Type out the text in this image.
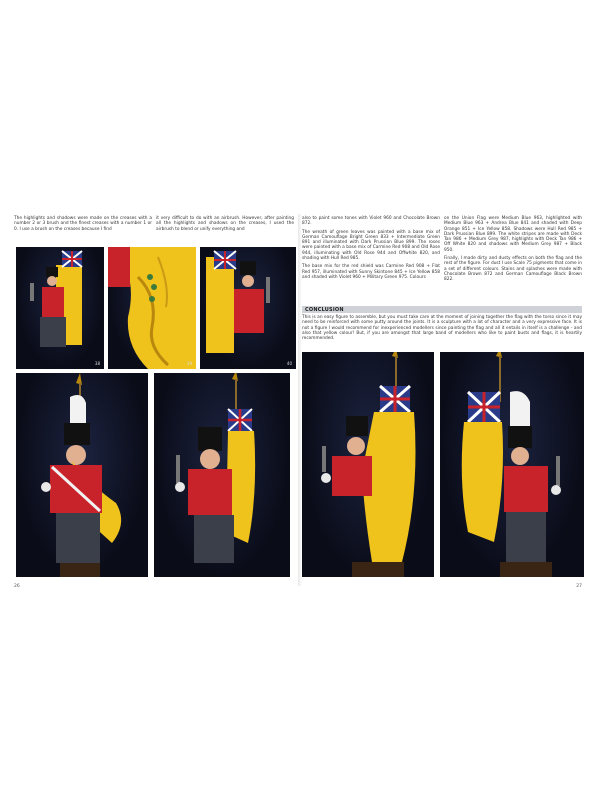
The highlights and shadows were made on the creases with a number 2 or 3 brush and the finest creases with a number 1 or 0. I use a brush on the creases because I find

it very difficult to do with an airbrush. However, after painting all the highlights and shadows on the creases, I used the airbrush to blend or unify everything and

38	39	40
26

also to paint some tones with Violet 960 and Chocolate Brown 872.

The wreath of green leaves was painted with a base mix of German Camouflage Bright Green 833 + Intermediate Green 891 and illuminated with Dark Prussian Blue 899. The roses were painted with a base mix of Carmine Red 908 and Old Rose 944, illuminating with Old Rose 944 and Offwhite 820, and shading with Hull Red 985.

The base mix for the red shield was Carmine Red 908 + Flat Red 957, illuminated with Sunny Skintone 845 + Ice Yellow 858 and shaded with Violet 960 + Military Green 975. Colours

on the Union Flag were Medium Blue 963, highlighted with Medium Blue 963 + Andrea Blue 841 and shaded with Deep Orange 851 + Ice Yellow 858. Shadows were Hull Red 985 + Dark Prussian Blue 899. The white stripes are made with Deck Tan 986 + Medium Grey 987, highlights with Deck Tan 986 + Off White 820 and shadows with Medium Grey 987 + Black 950.

Finally, I made dirty and dusty effects on both the flag and the rest of the figure. For dust I use Scale 75 pigments that come in a set of different colours. Stains and splashes were made with Chocolate Brown 872 and German Camouflage Black Brown 822.

CONCLUSION

This is an easy figure to assemble, but you must take care at the moment of joining together the flag with the torso since it may need to be reinforced with some putty around the joints. It is a sculpture with a lot of character and a very expressive face. It is not a figure I would recommend for inexperienced modellers since painting the flag and all it entails in itself is a challenge - and also that yellow colour! But, if you are amongst that large band of modellers who like to paint busts and flags, it is heartily recommended.

27
